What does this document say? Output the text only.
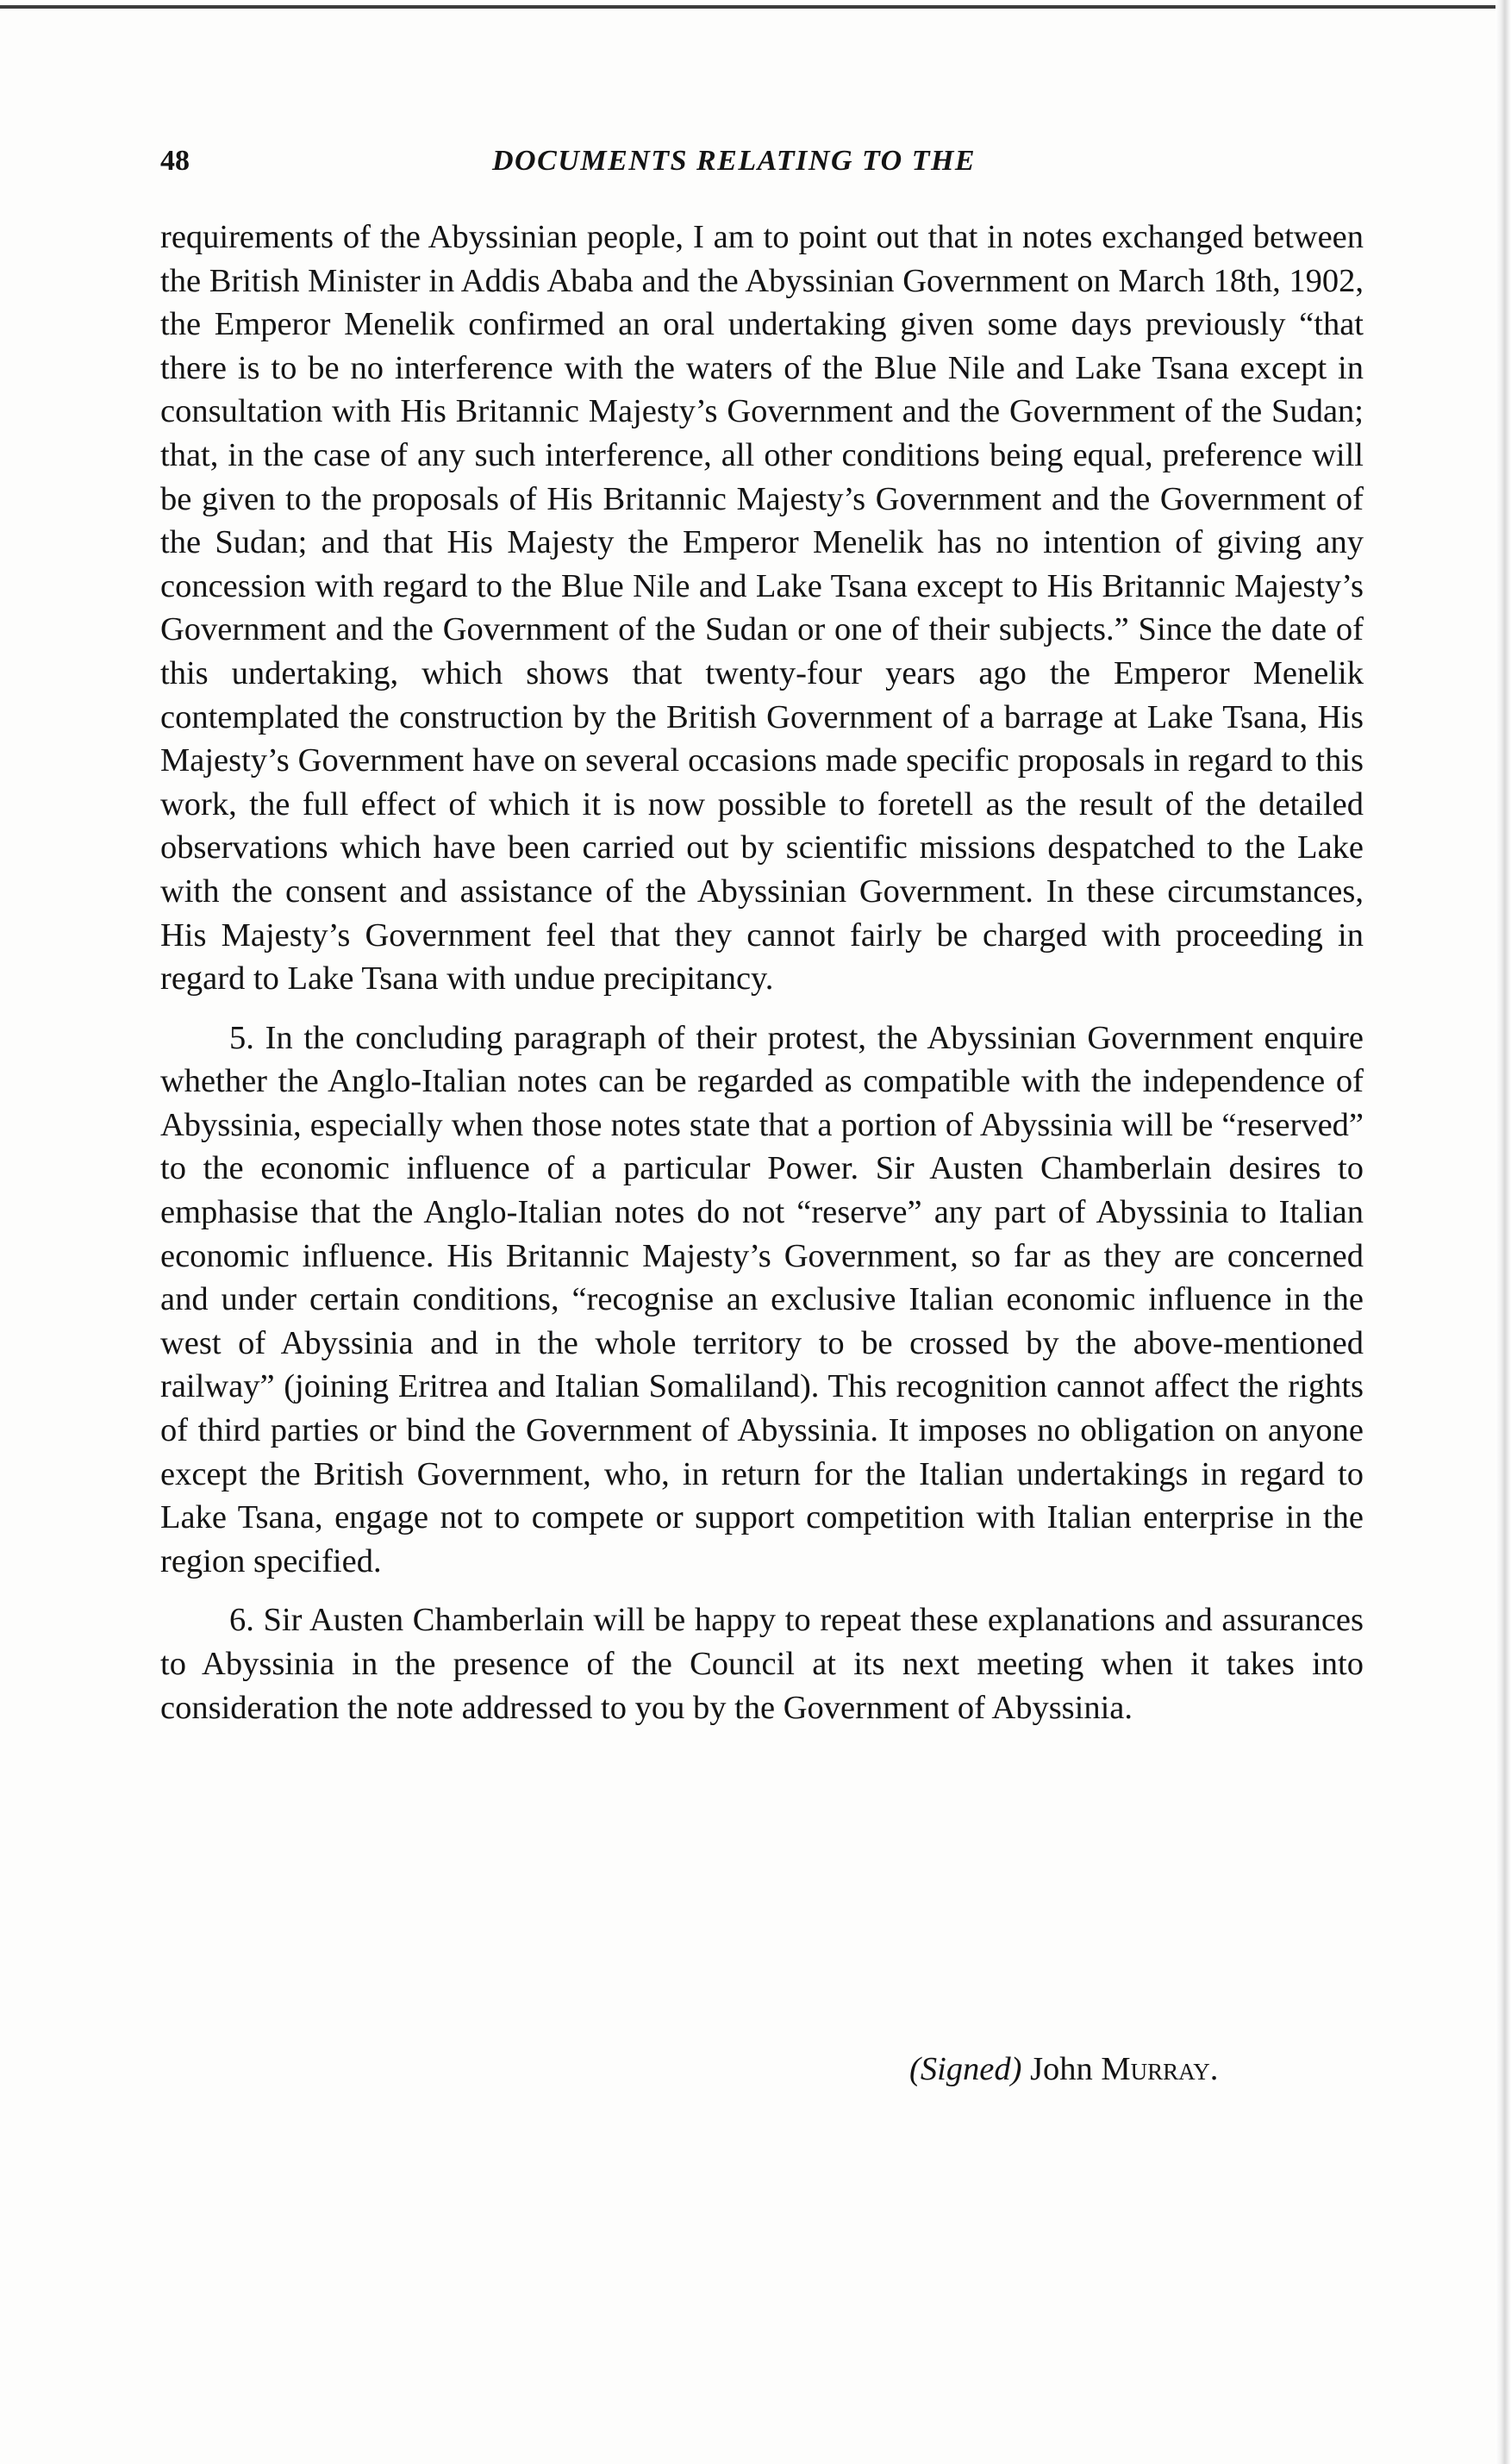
48	DOCUMENTS RELATING TO THE

requirements of the Abyssinian people, I am to point out that in notes exchanged between the British Minister in Addis Ababa and the Abyssinian Government on March 18th, 1902, the Emperor Menelik confirmed an oral undertaking given some days previously “that there is to be no interference with the waters of the Blue Nile and Lake Tsana except in consultation with His Britannic Majesty’s Government and the Government of the Sudan; that, in the case of any such interference, all other conditions being equal, preference will be given to the proposals of His Britannic Majesty’s Government and the Government of the Sudan; and that His Majesty the Emperor Menelik has no intention of giving any concession with regard to the Blue Nile and Lake Tsana except to His Britannic Majesty’s Government and the Government of the Sudan or one of their subjects.” Since the date of this undertaking, which shows that twenty-four years ago the Emperor Menelik contemplated the construction by the British Government of a barrage at Lake Tsana, His Majesty’s Government have on several occasions made specific proposals in regard to this work, the full effect of which it is now possible to foretell as the result of the detailed observations which have been carried out by scientific missions despatched to the Lake with the consent and assistance of the Abyssinian Government. In these circumstances, His Majesty’s Government feel that they cannot fairly be charged with proceeding in regard to Lake Tsana with undue precipitancy.

5. In the concluding paragraph of their protest, the Abyssinian Government enquire whether the Anglo-Italian notes can be regarded as compatible with the independence of Abyssinia, especially when those notes state that a portion of Abyssinia will be “reserved” to the economic influence of a particular Power. Sir Austen Chamberlain desires to emphasise that the Anglo-Italian notes do not “reserve” any part of Abyssinia to Italian economic influence. His Britannic Majesty’s Government, so far as they are concerned and under certain conditions, “recognise an exclusive Italian economic influence in the west of Abyssinia and in the whole territory to be crossed by the above-mentioned railway” (joining Eritrea and Italian Somaliland). This recognition cannot affect the rights of third parties or bind the Government of Abyssinia. It imposes no obligation on anyone except the British Government, who, in return for the Italian undertakings in regard to Lake Tsana, engage not to compete or support competition with Italian enterprise in the region specified.

6. Sir Austen Chamberlain will be happy to repeat these explanations and assurances to Abyssinia in the presence of the Council at its next meeting when it takes into consideration the note addressed to you by the Government of Abyssinia.

(Signed) John Murray.
